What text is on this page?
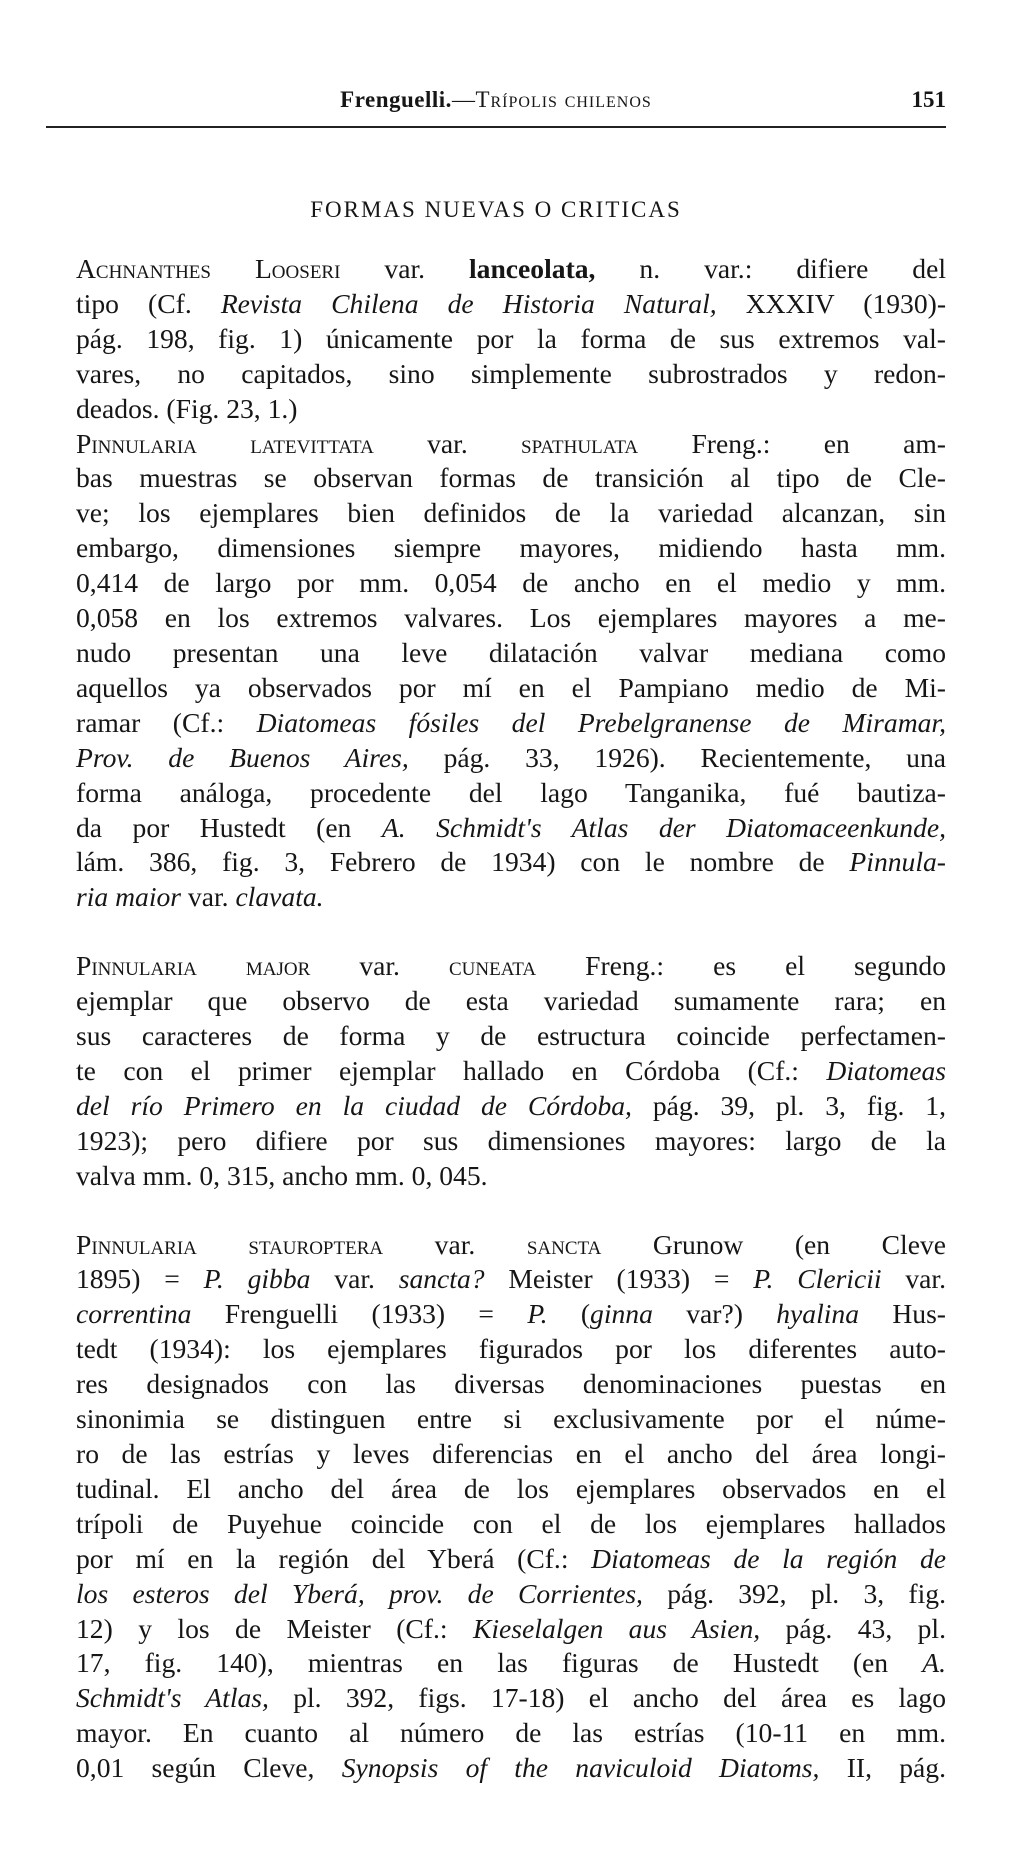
Frenguelli.—Trípolis chilenos	151
FORMAS NUEVAS O CRITICAS
Achnanthes Looseri var. lanceolata, n. var.: difiere del
tipo (Cf. Revista Chilena de Historia Natural, XXXIV (1930)-
pág. 198, fig. 1) únicamente por la forma de sus extremos val-
vares, no capitados, sino simplemente subrostrados y redon-
deados. (Fig. 23, 1.)
Pinnularia latevittata var. spathulata Freng.: en am-
bas muestras se observan formas de transición al tipo de Cle-
ve; los ejemplares bien definidos de la variedad alcanzan, sin
embargo, dimensiones siempre mayores, midiendo hasta mm.
0,414 de largo por mm. 0,054 de ancho en el medio y mm.
0,058 en los extremos valvares. Los ejemplares mayores a me-
nudo presentan una leve dilatación valvar mediana como
aquellos ya observados por mí en el Pampiano medio de Mi-
ramar (Cf.: Diatomeas fósiles del Prebelgranense de Miramar,
Prov. de Buenos Aires, pág. 33, 1926). Recientemente, una
forma análoga, procedente del lago Tanganika, fué bautiza-
da por Hustedt (en A. Schmidt's Atlas der Diatomaceenkunde,
lám. 386, fig. 3, Febrero de 1934) con le nombre de Pinnula-
ria maior var. clavata.
Pinnularia major var. cuneata Freng.: es el segundo
ejemplar que observo de esta variedad sumamente rara; en
sus caracteres de forma y de estructura coincide perfectamen-
te con el primer ejemplar hallado en Córdoba (Cf.: Diatomeas
del río Primero en la ciudad de Córdoba, pág. 39, pl. 3, fig. 1,
1923); pero difiere por sus dimensiones mayores: largo de la
valva mm. 0, 315, ancho mm. 0, 045.
Pinnularia stauroptera var. sancta Grunow (en Cleve
1895) = P. gibba var. sancta? Meister (1933) = P. Clericii var.
correntina Frenguelli (1933) = P. (ginna var?) hyalina Hus-
tedt (1934): los ejemplares figurados por los diferentes auto-
res designados con las diversas denominaciones puestas en
sinonimia se distinguen entre si exclusivamente por el núme-
ro de las estrías y leves diferencias en el ancho del área longi-
tudinal. El ancho del área de los ejemplares observados en el
trípoli de Puyehue coincide con el de los ejemplares hallados
por mí en la región del Yberá (Cf.: Diatomeas de la región de
los esteros del Yberá, prov. de Corrientes, pág. 392, pl. 3, fig.
12) y los de Meister (Cf.: Kieselalgen aus Asien, pág. 43, pl.
17, fig. 140), mientras en las figuras de Hustedt (en A.
Schmidt's Atlas, pl. 392, figs. 17-18) el ancho del área es lago
mayor. En cuanto al número de las estrías (10-11 en mm.
0,01 según Cleve, Synopsis of the naviculoid Diatoms, II, pág.
